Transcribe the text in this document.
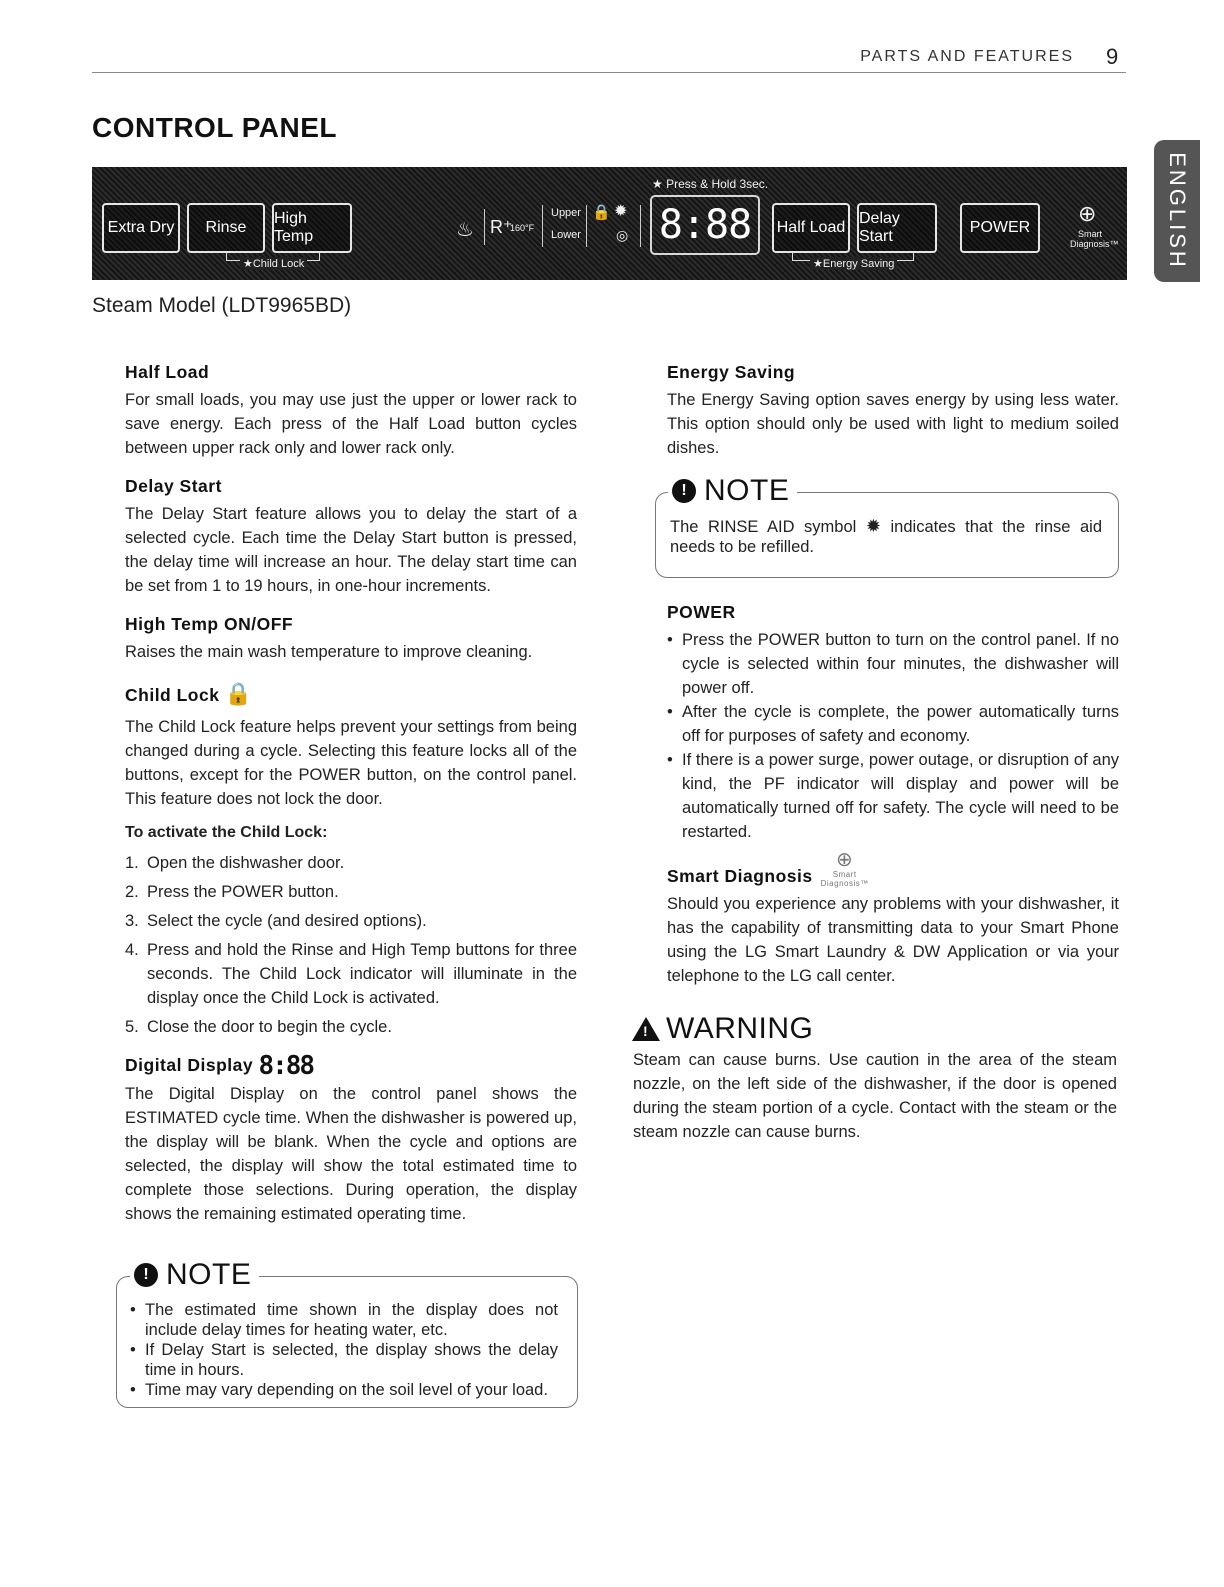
PARTS AND FEATURES 9
CONTROL PANEL
ENGLISH
Extra Dry	Rinse
High Temp
★Child Lock
♨ R⁺
160°F
Upper
Lower
🔒 ✹
◎
★ Press & Hold 3sec.
8:88	Half Load
Delay Start
★Energy Saving
POWER
⊕
Smart
Diagnosis™
Steam Model (LDT9965BD)
Half Load

For small loads, you may use just the upper or lower rack to save energy. Each press of the Half Load button cycles between upper rack only and lower rack only.

Delay Start

The Delay Start feature allows you to delay the start of a selected cycle. Each time the Delay Start button is pressed, the delay time will increase an hour. The delay start time can be set from 1 to 19 hours, in one-hour increments.

High Temp ON/OFF

Raises the main wash temperature to improve cleaning.

Child Lock 🔒

The Child Lock feature helps prevent your settings from being changed during a cycle. Selecting this feature locks all of the buttons, except for the POWER button, on the control panel. This feature does not lock the door.

To activate the Child Lock:
1. Open the dishwasher door.
2. Press the POWER button.
3. Select the cycle (and desired options).
4. Press and hold the Rinse and High Temp buttons for three seconds. The Child Lock indicator will illuminate in the display once the Child Lock is activated.
5. Close the door to begin the cycle.
Digital Display 8:88

The Digital Display on the control panel shows the ESTIMATED cycle time. When the dishwasher is powered up, the display will be blank. When the cycle and options are selected, the display will show the total estimated time to complete those selections. During operation, the display shows the remaining estimated operating time.

! NOTE
• The estimated time shown in the display does not include delay times for heating water, etc.
• If Delay Start is selected, the display shows the delay time in hours.
• Time may vary depending on the soil level of your load.
Energy Saving

The Energy Saving option saves energy by using less water. This option should only be used with light to medium soiled dishes.

! NOTE
The RINSE AID symbol ✹ indicates that the rinse aid needs to be refilled.
POWER
• Press the POWER button to turn on the control panel. If no cycle is selected within four minutes, the dishwasher will power off.
• After the cycle is complete, the power automatically turns off for purposes of safety and economy.
• If there is a power surge, power outage, or disruption of any kind, the PF indicator will display and power will be automatically turned off for safety. The cycle will need to be restarted.
Smart Diagnosis
⊕
Smart
Diagnosis™

Should you experience any problems with your dishwasher, it has the capability of transmitting data to your Smart Phone using the LG Smart Laundry & DW Application or via your telephone to the LG call center.

!
WARNING
Steam can cause burns. Use caution in the area of the steam nozzle, on the left side of the dishwasher, if the door is opened during the steam portion of a cycle. Contact with the steam or the steam nozzle can cause burns.
